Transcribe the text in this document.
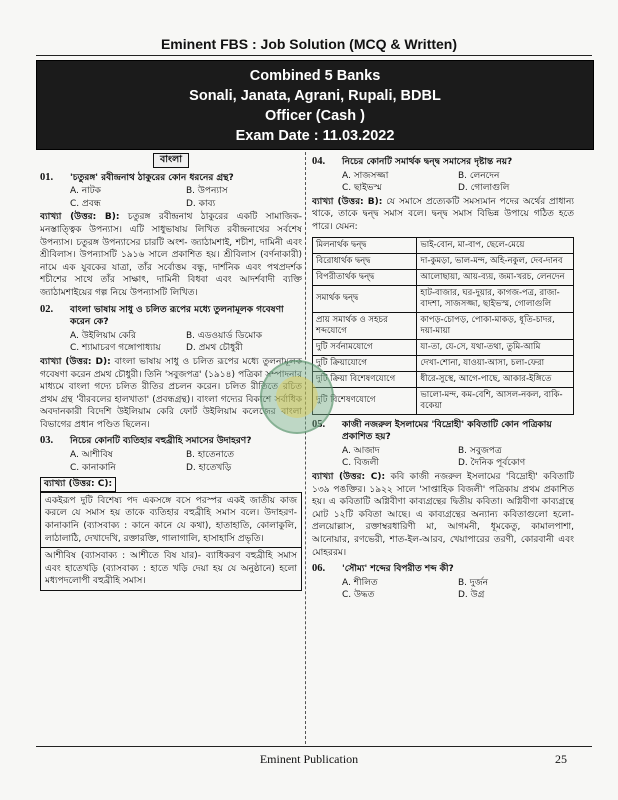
Eminent FBS : Job Solution (MCQ & Written)
Combined 5 Banks
Sonali, Janata, Agrani, Rupali, BDBL
Officer (Cash )
Exam Date : 11.03.2022
বাংলা
01.	'চতুরঙ্গ' রবীন্দ্রনাথ ঠাকুরের কোন ধরনের গ্রন্থ?
A. নাটক	B. উপন্যাস
C. প্রবন্ধ	D. কাব্য
ব্যাখ্যা (উত্তর: B): চতুরঙ্গ রবীন্দ্রনাথ ঠাকুরের একটি সামাজিক-মনস্তাত্ত্বিক উপন্যাস। এটি সাধুভাষায় লিখিত রবীন্দ্রনাথের সর্বশেষ উপন্যাস। চতুরঙ্গ উপন্যাসের চারটি অংশ- জ্যাঠামশাই, শচীশ, দামিনী এবং শ্রীবিলাস। উপন্যাসটি ১৯১৬ সালে প্রকাশিত হয়। শ্রীবিলাস (বর্ণনাকারী) নামে এক যুবকের যাত্রা, তাঁর সর্বোত্তম বন্ধু, দার্শনিক এবং পথপ্রদর্শক শচীশের সাথে তাঁর সাক্ষাৎ, দামিনী বিধবা এবং আদর্শবাদী ব্যক্তি জ্যাঠামশাইয়ের গল্প নিয়ে উপন্যাসটি লিখিত।
02.	বাংলা ভাষায় সাধু ও চলিত রূপের মধ্যে তুলনামূলক গবেষণা করেন কে?
A. উইলিয়াম কেরি	B. এডওয়ার্ড ডিমোক
C. শ্যামাচরণ গঙ্গোপাধ্যায়	D. প্রমথ চৌধুরী
ব্যাখ্যা (উত্তর: D): বাংলা ভাষায় সাধু ও চলিত রূপের মধ্যে তুলনামূলক গবেষণা করেন প্রমথ চৌধুরী। তিনি 'সবুজপত্র' (১৯১৪) পত্রিকা সম্পাদনার মাধ্যমে বাংলা গদ্যে চলিত রীতির প্রচলন করেন। চলিত রীতিতে রচিত প্রথম গ্রন্থ 'বীরবলের হালখাতা' (প্রবন্ধগ্রন্থ)। বাংলা গদ্যের বিকাশে সর্বাধিক অবদানকারী বিদেশি উইলিয়াম কেরি ফোর্ট উইলিয়াম কলেজের বাংলা বিভাগের প্রধান পণ্ডিত ছিলেন।
03.	নিচের কোনটি ব্যতিহার বহুব্রীহি সমাসের উদাহরণ?
A. আশীবিষ	B. হাতেনাতে
C. কানাকানি	D. হাতেখড়ি
ব্যাখ্যা (উত্তর: C):
একইরূপ দুটি বিশেষ্য পদ একসঙ্গে বসে পরস্পর একই জাতীয় কাজ করলে যে সমাস হয় তাকে ব্যতিহার বহুব্রীহি সমাস বলে। উদাহরণ- কানাকানি (ব্যাসবাক্য : কানে কানে যে কথা), হাতাহাতি, কোলাকুলি, লাঠালাঠি, দেখাদেখি, রক্তারক্তি, গালাগালি, হাসাহাসি প্রভৃতি।
আশীবিষ (ব্যাসবাক্য : আশীতে বিষ যার)- ব্যাধিকরণ বহুব্রীহি সমাস এবং হাতেখড়ি (ব্যাসবাক্য : হাতে খড়ি দেয়া হয় যে অনুষ্ঠানে) হলো মধ্যপদলোপী বহুব্রীহি সমাস।
04.	নিচের কোনটি সমার্থক দ্বন্দ্ব সমাসের দৃষ্টান্ত নয়?
A. সাজসজ্জা	B. লেনদেন
C. ছাইভস্ম	D. গোলাগুলি
ব্যাখ্যা (উত্তর: B): যে সমাসে প্রত্যেকটি সমস্যমান পদের অর্থের প্রাধান্য থাকে, তাকে দ্বন্দ্ব সমাস বলে। দ্বন্দ্ব সমাস বিভিন্ন উপায়ে গঠিত হতে পারে। যেমন:
মিলনার্থক দ্বন্দ্ব	ভাই-বোন, মা-বাপ, ছেলে-মেয়ে
বিরোধার্থক দ্বন্দ্ব	দা-কুমড়া, ভাল-মন্দ, অহি-নকুল, দেব-দানব
বিপরীতার্থক দ্বন্দ্ব	আলোছায়া, আয়-ব্যয়, জমা-খরচ, লেনদেন
সমার্থক দ্বন্দ্ব	হাট-বাজার, ঘর-দুয়ার, কাগজ-পত্র, রাজা-বাদশা, সাজসজ্জা, ছাইভস্ম, গোলাগুলি
প্রায় সমার্থক ও সহচর শব্দযোগে	কাপড়-চোপড়, পোকা-মাকড়, ধূতি-চাদর, দয়া-মায়া
দুটি সর্বনামযোগে	যা-তা, যে-সে, যথা-তথা, তুমি-আমি
দুটি ক্রিয়াযোগে	দেখা-শোনা, যাওয়া-আসা, চলা-ফেরা
দুটি ক্রিয়া বিশেষণযোগে	ধীরে-সুস্থে, আগে-পাছে, আকার-ইঙ্গিতে
দুটি বিশেষণযোগে	ভালো-মন্দ, কম-বেশি, আসল-নকল, বাকি-বকেয়া
05.	কাজী নজরুল ইসলামের 'বিদ্রোহী' কবিতাটি কোন পত্রিকায় প্রকাশিত হয়?
A. আজাদ	B. সবুজপত্র
C. বিজলী	D. দৈনিক পূর্বকোণ
ব্যাখ্যা (উত্তর: C): কবি কাজী নজরুল ইসলামের 'বিদ্রোহী' কবিতাটি ১৩৯ পঙক্তির। ১৯২২ সালে 'সাপ্তাহিক বিজলী' পত্রিকায় প্রথম প্রকাশিত হয়। এ কবিতাটি অগ্নিবীণা কাব্যগ্রন্থের দ্বিতীয় কবিতা। অগ্নিবীণা কাব্যগ্রন্থে মোট ১২টি কবিতা আছে। এ কাব্যগ্রন্থের অন্যান্য কবিতাগুলো হলো- প্রলয়োল্লাস, রক্তাম্বরধারিণী মা, আগমনী, ধূমকেতু, কামালপাশা, আনোয়ার, রণভেরী, শাত-ইল-আরব, খেয়াপারের তরণী, কোরবানী এবং মোহররম।
06.	'সৌম্য' শব্দের বিপরীত শব্দ কী?
A. শীলিত	B. দুর্জন
C. উদ্ধত	D. উগ্র
Eminent Publication	25
